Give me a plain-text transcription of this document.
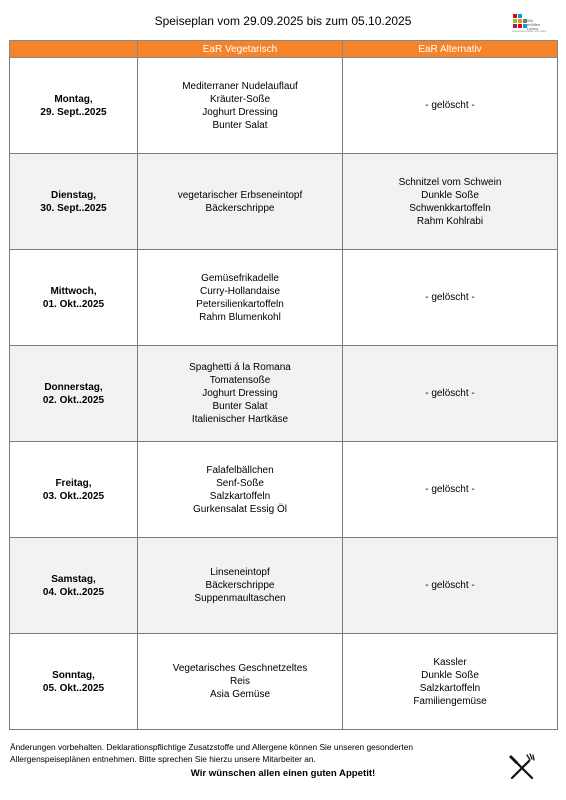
Speiseplan vom 29.09.2025 bis zum 05.10.2025	Wir
erfüllen
Leben
Gemeinsam stärker. Für Leben.
	EaR Vegetarisch	EaR Alternativ

Montag,
29. Sept..2025	Mediterraner Nudelauflauf
Kräuter-Soße
Joghurt Dressing
Bunter Salat	- gelöscht -

Dienstag,
30. Sept..2025	vegetarischer Erbseneintopf
Bäckerschrippe	Schnitzel vom Schwein
Dunkle Soße
Schwenkkartoffeln
Rahm Kohlrabi

Mittwoch,
01. Okt..2025	Gemüsefrikadelle
Curry-Hollandaise
Petersilienkartoffeln
Rahm Blumenkohl	- gelöscht -

Donnerstag,
02. Okt..2025	Spaghetti á la Romana
Tomatensoße
Joghurt Dressing
Bunter Salat
Italienischer Hartkäse	- gelöscht -

Freitag,
03. Okt..2025	Falafelbällchen
Senf-Soße
Salzkartoffeln
Gurkensalat Essig Öl	- gelöscht -

Samstag,
04. Okt..2025	Linseneintopf
Bäckerschrippe
Suppenmaultaschen	- gelöscht -

Sonntag,
05. Okt..2025	Vegetarisches Geschnetzeltes
Reis
Asia Gemüse	Kassler
Dunkle Soße
Salzkartoffeln
Familiengemüse
Änderungen vorbehalten. Deklarationspflichtige Zusatzstoffe und Allergene können Sie unseren gesonderten Allergenspeiseplänen entnehmen. Bitte sprechen Sie hierzu unsere Mitarbeiter an.
Wir wünschen allen einen guten Appetit!
